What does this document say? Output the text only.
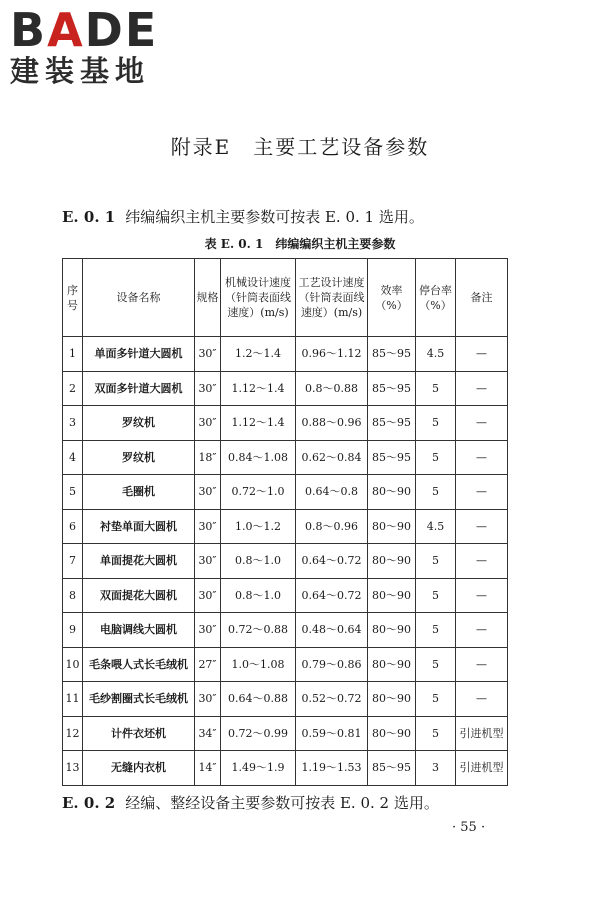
BADE
建装基地
附录E　主要工艺设备参数
E. 0. 1 纬编编织主机主要参数可按表 E. 0. 1 选用。
表 E. 0. 1　纬编编织主机主要参数
序号	设备名称	规格	机械设计速度（针筒表面线速度）(m/s)	工艺设计速度（针筒表面线速度）(m/s)	效率（%）	停台率（%）	备注
1	单面多针道大圆机	30″	1.2～1.4	0.96～1.12	85～95	4.5	—
2	双面多针道大圆机	30″	1.12～1.4	0.8～0.88	85～95	5	—
3	罗纹机	30″	1.12～1.4	0.88～0.96	85～95	5	—
4	罗纹机	18″	0.84～1.08	0.62～0.84	85～95	5	—
5	毛圈机	30″	0.72～1.0	0.64～0.8	80～90	5	—
6	衬垫单面大圆机	30″	1.0～1.2	0.8～0.96	80～90	4.5	—
7	单面提花大圆机	30″	0.8～1.0	0.64～0.72	80～90	5	—
8	双面提花大圆机	30″	0.8～1.0	0.64～0.72	80～90	5	—
9	电脑调线大圆机	30″	0.72～0.88	0.48～0.64	80～90	5	—
10	毛条喂人式长毛绒机	27″	1.0～1.08	0.79～0.86	80～90	5	—
11	毛纱割圈式长毛绒机	30″	0.64～0.88	0.52～0.72	80～90	5	—
12	计件衣坯机	34″	0.72～0.99	0.59～0.81	80～90	5	引进机型
13	无缝内衣机	14″	1.49～1.9	1.19～1.53	85～95	3	引进机型
E. 0. 2 经编、整经设备主要参数可按表 E. 0. 2 选用。
· 55 ·
